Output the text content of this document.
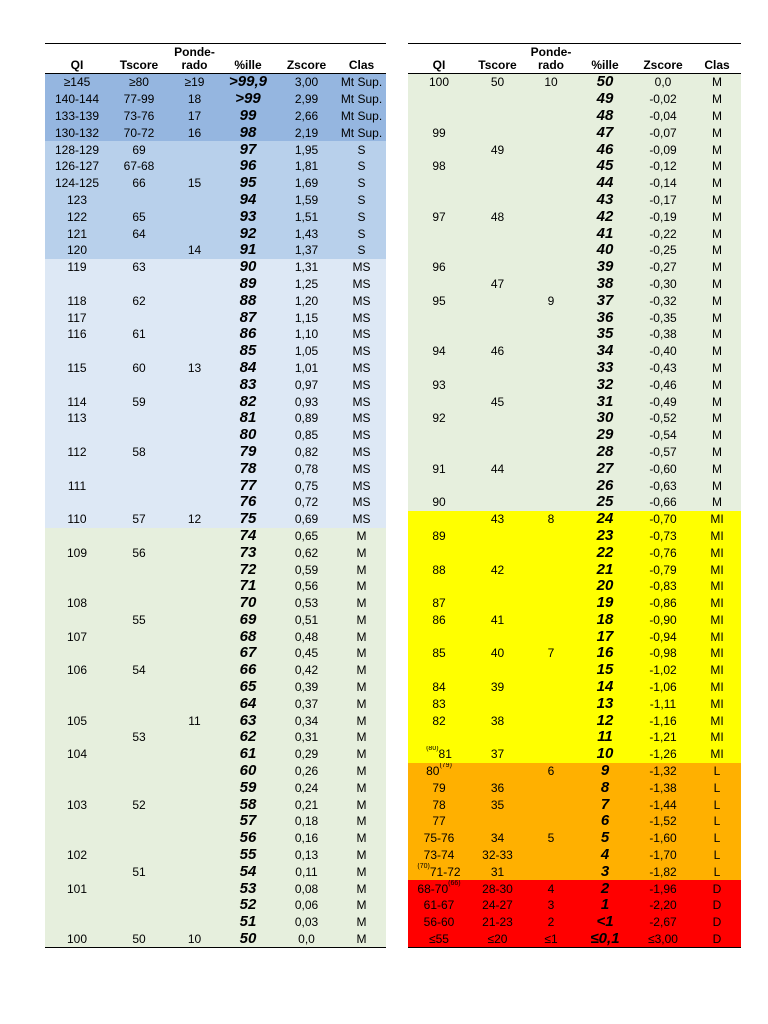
QI	Tscore	Ponde-rado	%ille	Zscore	Clas
≥145	≥80	≥19	>99,9	3,00	Mt Sup.
140-144	77-99	18	>99	2,99	Mt Sup.
133-139	73-76	17	99	2,66	Mt Sup.
130-132	70-72	16	98	2,19	Mt Sup.
128-129	69		97	1,95	S
126-127	67-68		96	1,81	S
124-125	66	15	95	1,69	S
123			94	1,59	S
122	65		93	1,51	S
121	64		92	1,43	S
120		14	91	1,37	S
119	63		90	1,31	MS
			89	1,25	MS
118	62		88	1,20	MS
117			87	1,15	MS
116	61		86	1,10	MS
			85	1,05	MS
115	60	13	84	1,01	MS
			83	0,97	MS
114	59		82	0,93	MS
113			81	0,89	MS
			80	0,85	MS
112	58		79	0,82	MS
			78	0,78	MS
111			77	0,75	MS
			76	0,72	MS
110	57	12	75	0,69	MS
			74	0,65	M
109	56		73	0,62	M
			72	0,59	M
			71	0,56	M
108			70	0,53	M
	55		69	0,51	M
107			68	0,48	M
			67	0,45	M
106	54		66	0,42	M
			65	0,39	M
			64	0,37	M
105		11	63	0,34	M
	53		62	0,31	M
104			61	0,29	M
			60	0,26	M
			59	0,24	M
103	52		58	0,21	M
			57	0,18	M
			56	0,16	M
102			55	0,13	M
	51		54	0,11	M
101			53	0,08	M
			52	0,06	M
			51	0,03	M
100	50	10	50	0,0	M
QI	Tscore	Ponde-rado	%ille	Zscore	Clas
100	50	10	50	0,0	M
			49	-0,02	M
			48	-0,04	M
99			47	-0,07	M
	49		46	-0,09	M
98			45	-0,12	M
			44	-0,14	M
			43	-0,17	M
97	48		42	-0,19	M
			41	-0,22	M
			40	-0,25	M
96			39	-0,27	M
	47		38	-0,30	M
95		9	37	-0,32	M
			36	-0,35	M
			35	-0,38	M
94	46		34	-0,40	M
			33	-0,43	M
93			32	-0,46	M
	45		31	-0,49	M
92			30	-0,52	M
			29	-0,54	M
			28	-0,57	M
91	44		27	-0,60	M
			26	-0,63	M
90			25	-0,66	M
	43	8	24	-0,70	MI
89			23	-0,73	MI
			22	-0,76	MI
88	42		21	-0,79	MI
			20	-0,83	MI
87			19	-0,86	MI
86	41		18	-0,90	MI
			17	-0,94	MI
85	40	7	16	-0,98	MI
			15	-1,02	MI
84	39		14	-1,06	MI
83			13	-1,11	MI
82	38		12	-1,16	MI
			11	-1,21	MI
$^{(80)}$81	37		10	-1,26	MI
80$^{(79)}$		6	9	-1,32	L
79	36		8	-1,38	L
78	35		7	-1,44	L
77			6	-1,52	L
75-76	34	5	5	-1,60	L
73-74	32-33		4	-1,70	L
$^{(70)}$71-72	31		3	-1,82	L
68-70$^{(66)}$	28-30	4	2	-1,96	D
61-67	24-27	3	1	-2,20	D
56-60	21-23	2	<1	-2,67	D
≤55	≤20	≤1	≤0,1	≤3,00	D
